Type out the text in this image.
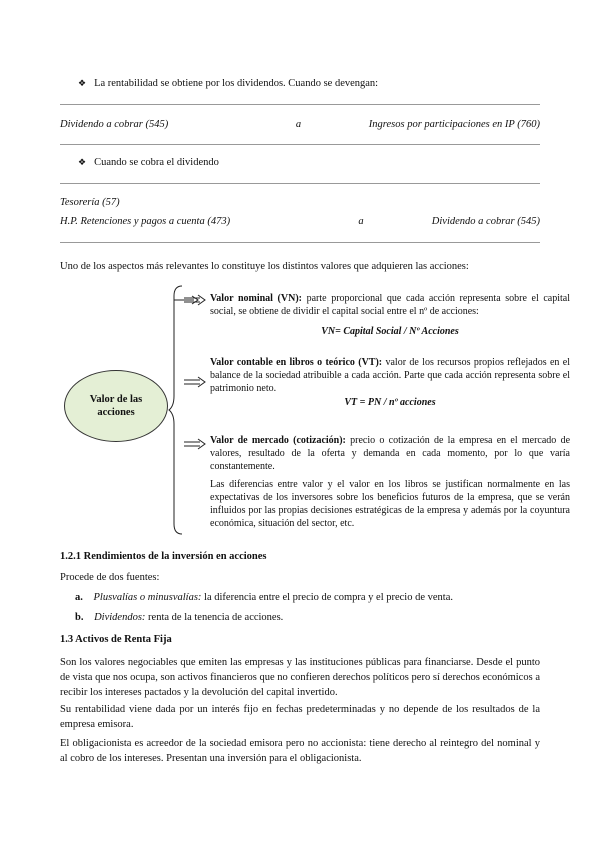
❖ La rentabilidad se obtiene por los dividendos. Cuando se devengan:
Dividendo a cobrar (545)	a	Ingresos por participaciones en IP (760)
❖ Cuando se cobra el dividendo
Tesorería (57)
H.P. Retenciones y pagos a cuenta (473)	a	Dividendo a cobrar (545)
Uno de los aspectos más relevantes lo constituye los distintos valores que adquieren las acciones:
Valor de las acciones
Valor nominal (VN): parte proporcional que cada acción representa sobre el capital social, se obtiene de dividir el capital social entre el nº de acciones:
VN= Capital Social / Nº Acciones
Valor contable en libros o teórico (VT): valor de los recursos propios reflejados en el balance de la sociedad atribuible a cada acción. Parte que cada acción representa sobre el patrimonio neto.
VT = PN / nº acciones
Valor de mercado (cotización): precio o cotización de la empresa en el mercado de valores, resultado de la oferta y demanda en cada momento, por lo que varía constantemente.
Las diferencias entre valor y el valor en los libros se justifican normalmente en las expectativas de los inversores sobre los beneficios futuros de la empresa, que se verán influidos por las propias decisiones estratégicas de la empresa y además por la coyuntura económica, situación del sector, etc.
1.2.1 Rendimientos de la inversión en acciones
Procede de dos fuentes:
a. Plusvalías o minusvalías: la diferencia entre el precio de compra y el precio de venta.
b. Dividendos: renta de la tenencia de acciones.
1.3 Activos de Renta Fija
Son los valores negociables que emiten las empresas y las instituciones públicas para financiarse. Desde el punto de vista que nos ocupa, son activos financieros que no confieren derechos políticos pero sí derechos económicos a recibir los intereses pactados y la devolución del capital invertido.
Su rentabilidad viene dada por un interés fijo en fechas predeterminadas y no depende de los resultados de la empresa emisora.
El obligacionista es acreedor de la sociedad emisora pero no accionista: tiene derecho al reintegro del nominal y al cobro de los intereses. Presentan una inversión para el obligacionista.
